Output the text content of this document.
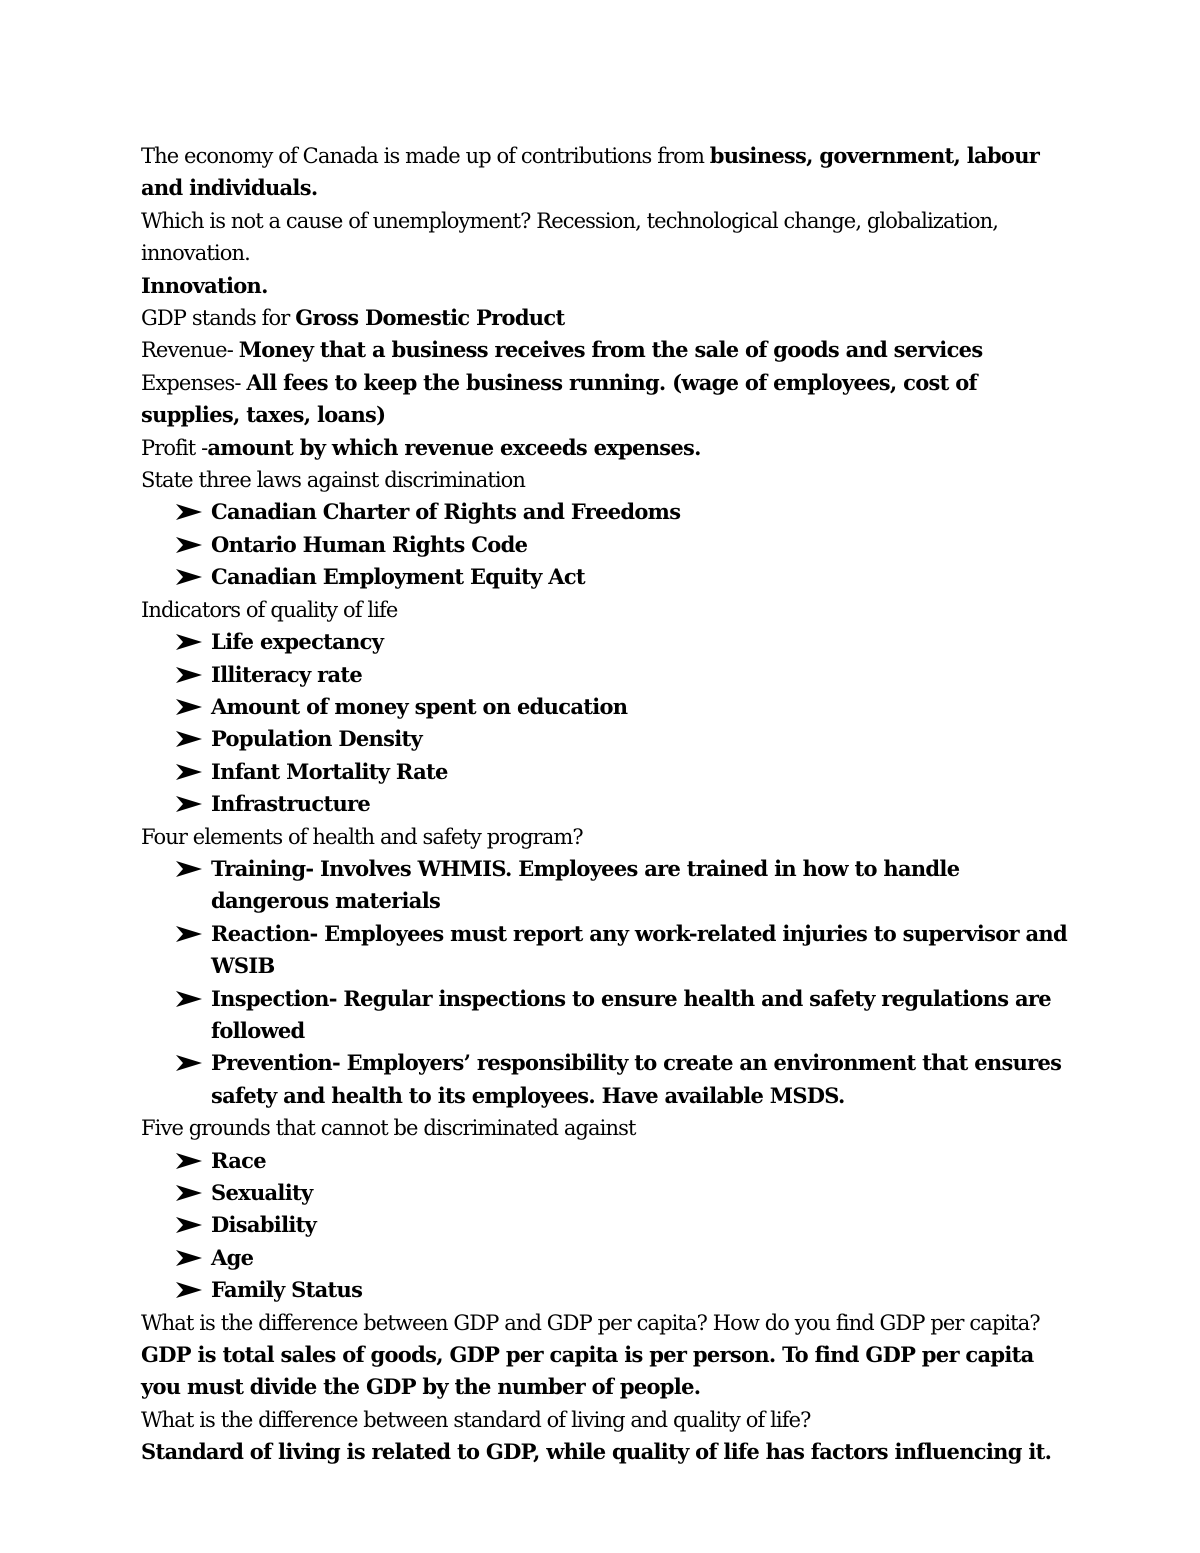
The economy of Canada is made up of contributions from business, government, labour and individuals.

Which is not a cause of unemployment? Recession, technological change, globalization, innovation.

Innovation.

GDP stands for Gross Domestic Product

Revenue- Money that a business receives from the sale of goods and services

Expenses- All fees to keep the business running. (wage of employees, cost of supplies, taxes, loans)

Profit -amount by which revenue exceeds expenses.

State three laws against discrimination

Canadian Charter of Rights and Freedoms
Ontario Human Rights Code
Canadian Employment Equity Act

Indicators of quality of life

Life expectancy
Illiteracy rate
Amount of money spent on education
Population Density
Infant Mortality Rate
Infrastructure

Four elements of health and safety program?

Training- Involves WHMIS. Employees are trained in how to handle dangerous materials
Reaction- Employees must report any work-related injuries to supervisor and WSIB
Inspection- Regular inspections to ensure health and safety regulations are followed
Prevention- Employers’ responsibility to create an environment that ensures safety and health to its employees. Have available MSDS.

Five grounds that cannot be discriminated against

Race
Sexuality
Disability
Age
Family Status

What is the difference between GDP and GDP per capita? How do you find GDP per capita?

GDP is total sales of goods, GDP per capita is per person. To find GDP per capita you must divide the GDP by the number of people.

What is the difference between standard of living and quality of life?

Standard of living is related to GDP, while quality of life has factors influencing it.
